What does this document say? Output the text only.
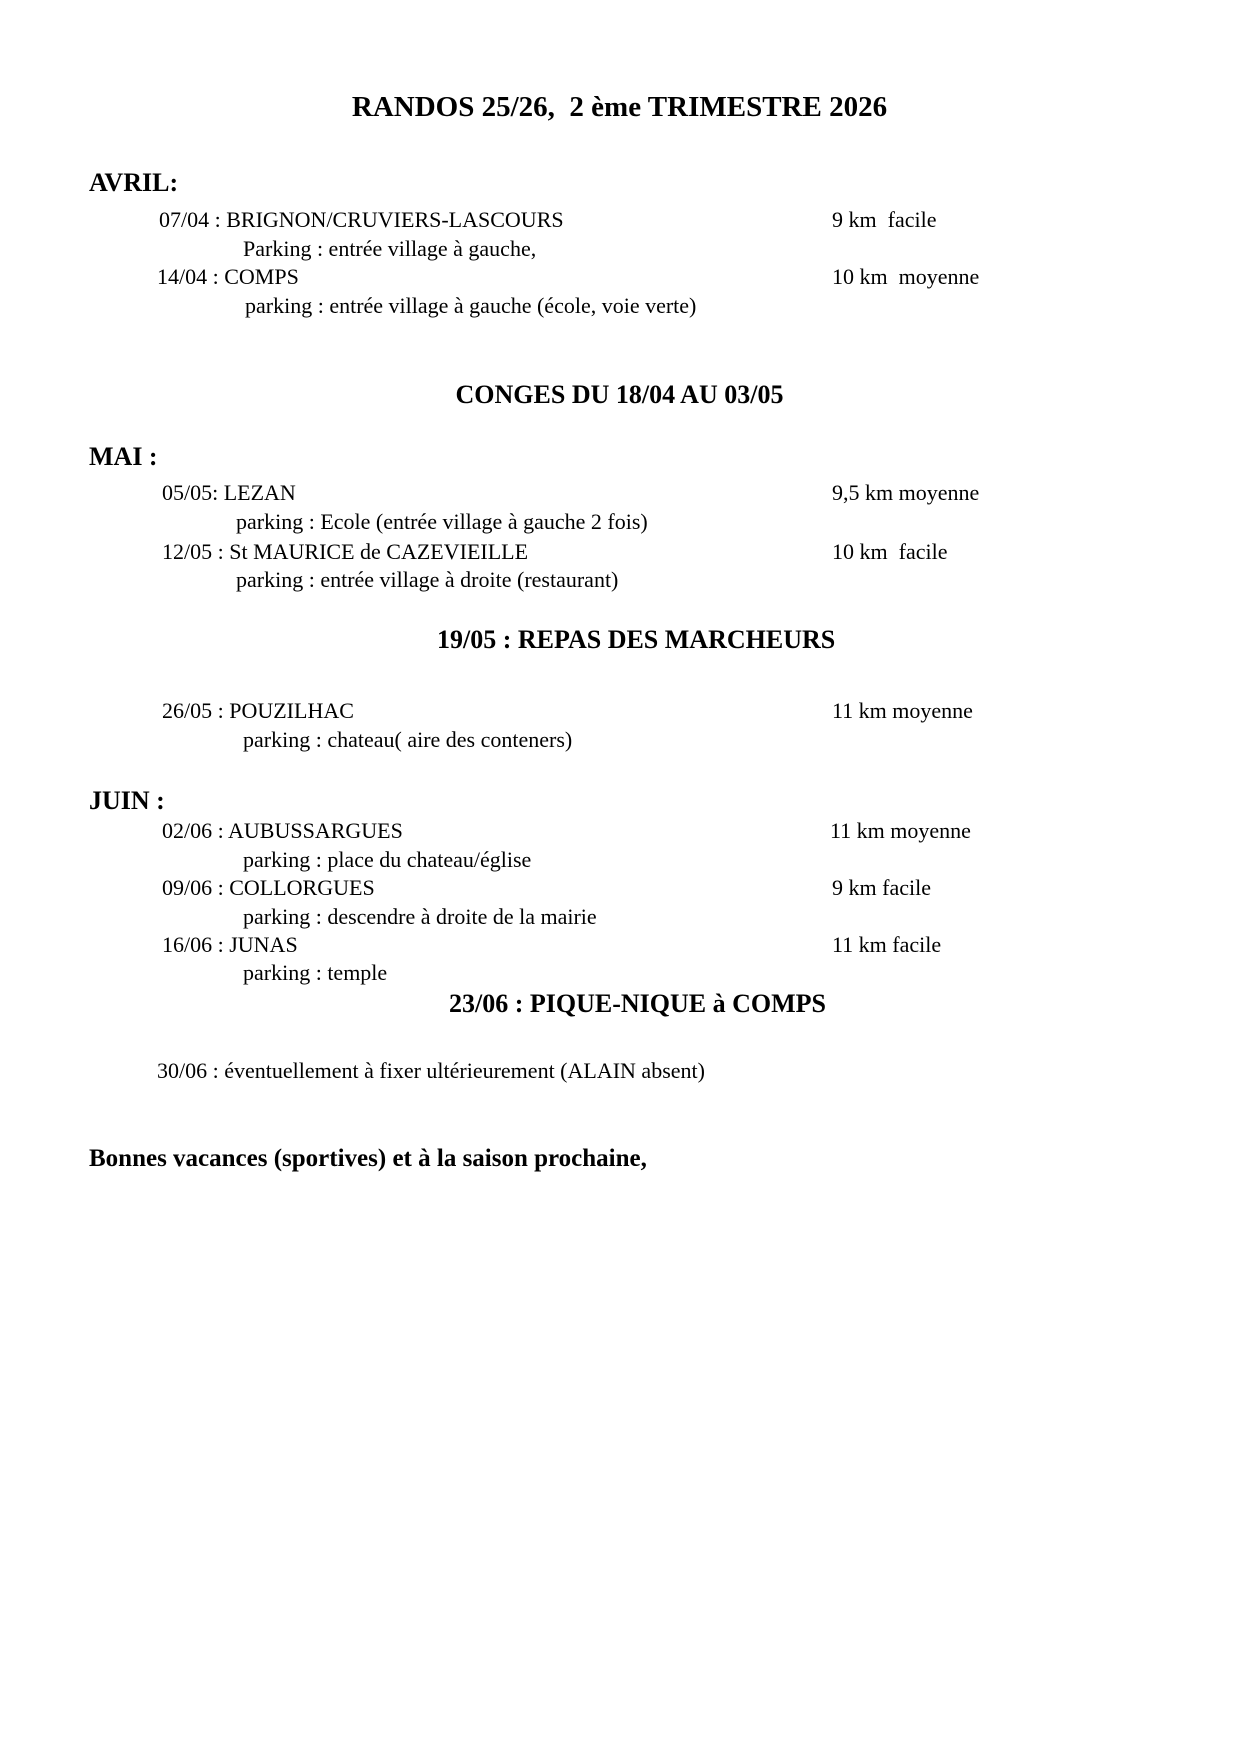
RANDOS 25/26,  2 ème TRIMESTRE 2026
AVRIL:
07/04 : BRIGNON/CRUVIERS-LASCOURS	9 km  facile
Parking : entrée village à gauche,
14/04 : COMPS	10 km  moyenne
parking : entrée village à gauche (école, voie verte)
CONGES DU 18/04 AU 03/05
MAI :
05/05: LEZAN	9,5 km moyenne
parking : Ecole (entrée village à gauche 2 fois)
12/05 : St MAURICE de CAZEVIEILLE	10 km  facile
parking : entrée village à droite (restaurant)
19/05 : REPAS DES MARCHEURS
26/05 : POUZILHAC	11 km moyenne
parking : chateau( aire des conteners)
JUIN :
02/06 : AUBUSSARGUES	11 km moyenne
parking : place du chateau/église
09/06 : COLLORGUES	9 km facile
parking : descendre à droite de la mairie
16/06 : JUNAS	11 km facile
parking : temple
23/06 : PIQUE-NIQUE à COMPS
30/06 : éventuellement à fixer ultérieurement (ALAIN absent)
Bonnes vacances (sportives) et à la saison prochaine,
